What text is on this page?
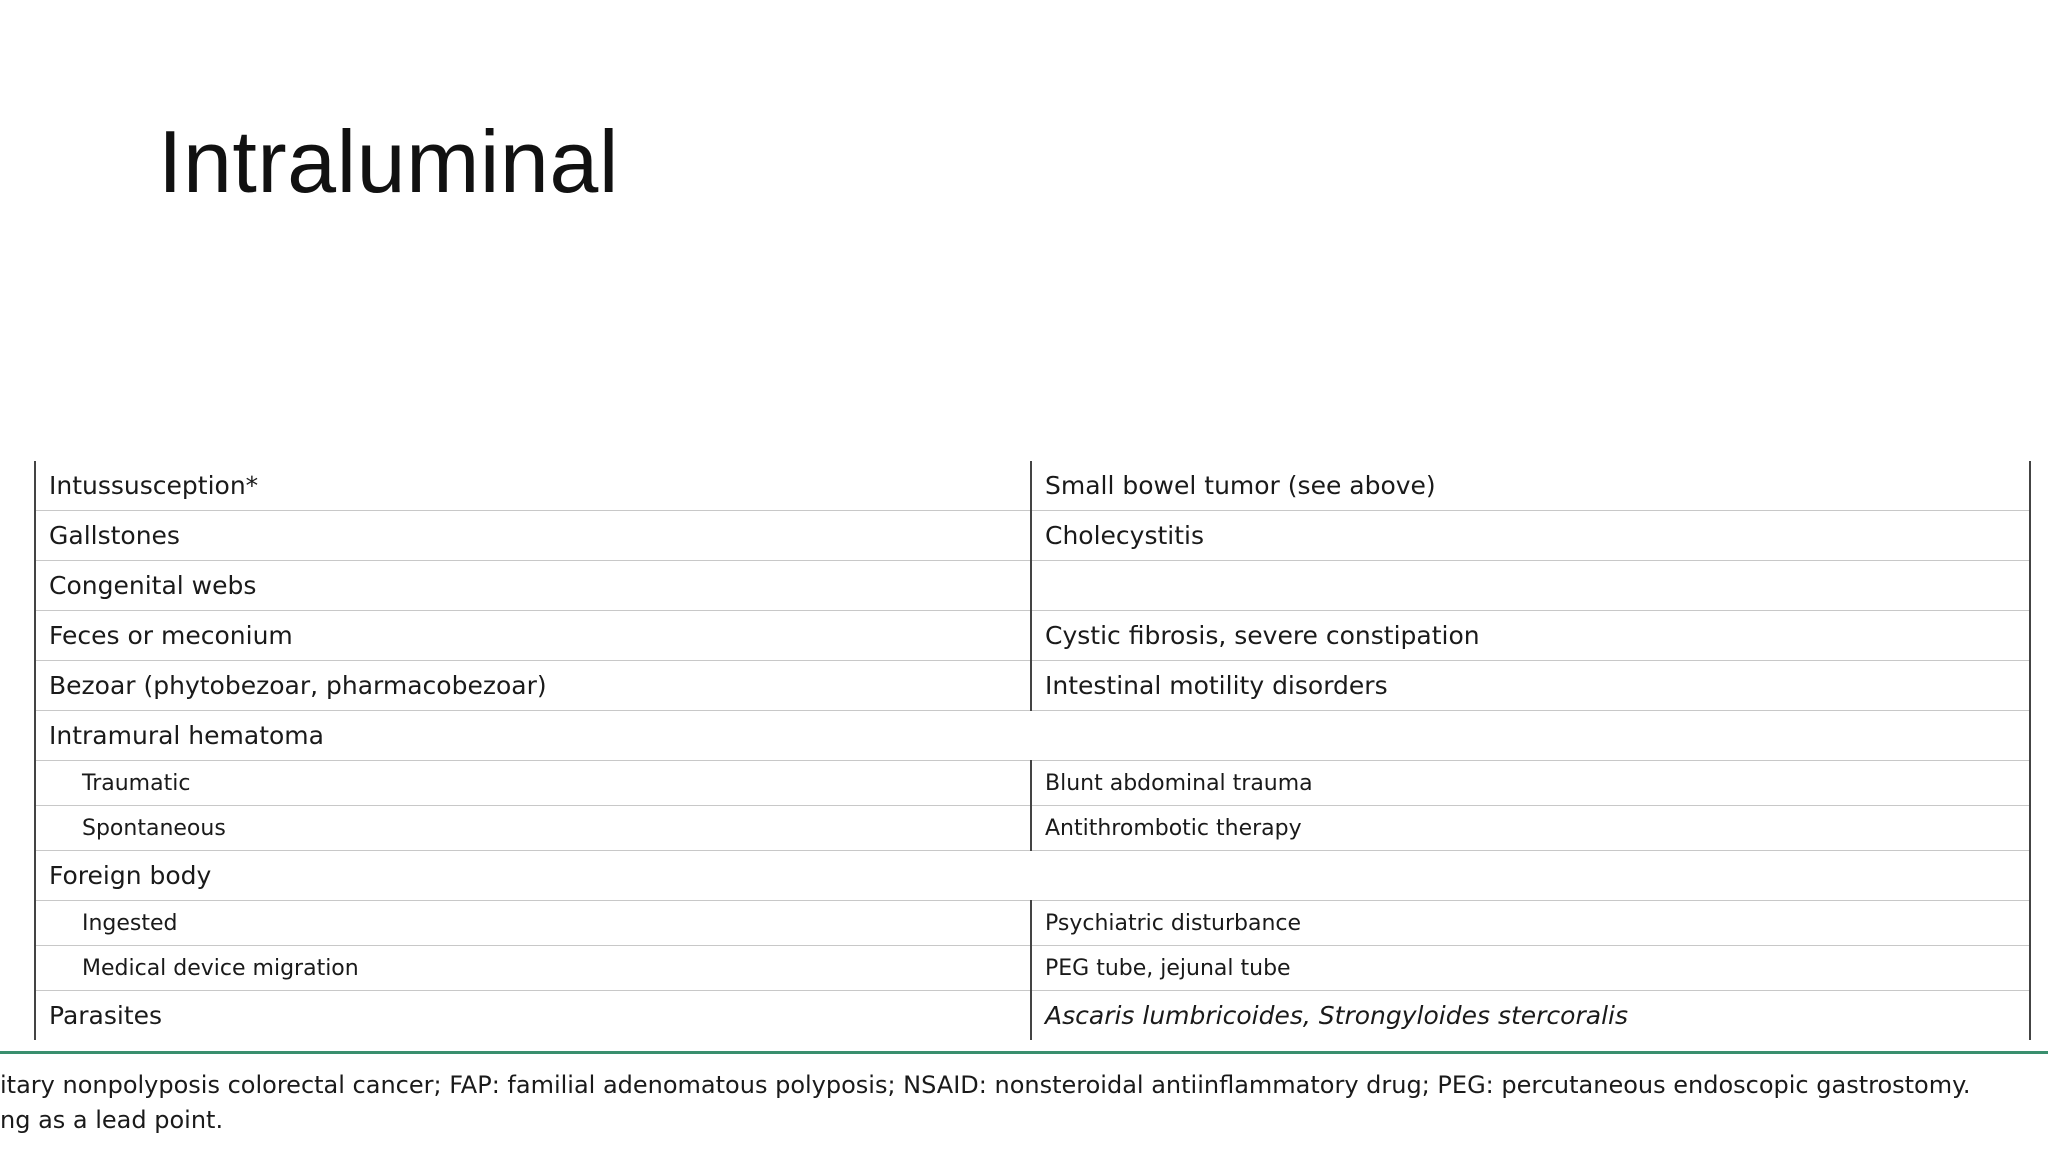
Intraluminal
Intussusception*	Small bowel tumor (see above)
Gallstones	Cholecystitis
Congenital webs	
Feces or meconium	Cystic fibrosis, severe constipation
Bezoar (phytobezoar, pharmacobezoar)	Intestinal motility disorders
Intramural hematoma	
Traumatic	Blunt abdominal trauma
Spontaneous	Antithrombotic therapy
Foreign body	
Ingested	Psychiatric disturbance
Medical device migration	PEG tube, jejunal tube
Parasites	Ascaris lumbricoides, Strongyloides stercoralis
itary nonpolyposis colorectal cancer; FAP: familial adenomatous polyposis; NSAID: nonsteroidal antiinflammatory drug; PEG: percutaneous endoscopic gastrostomy.
ng as a lead point.
